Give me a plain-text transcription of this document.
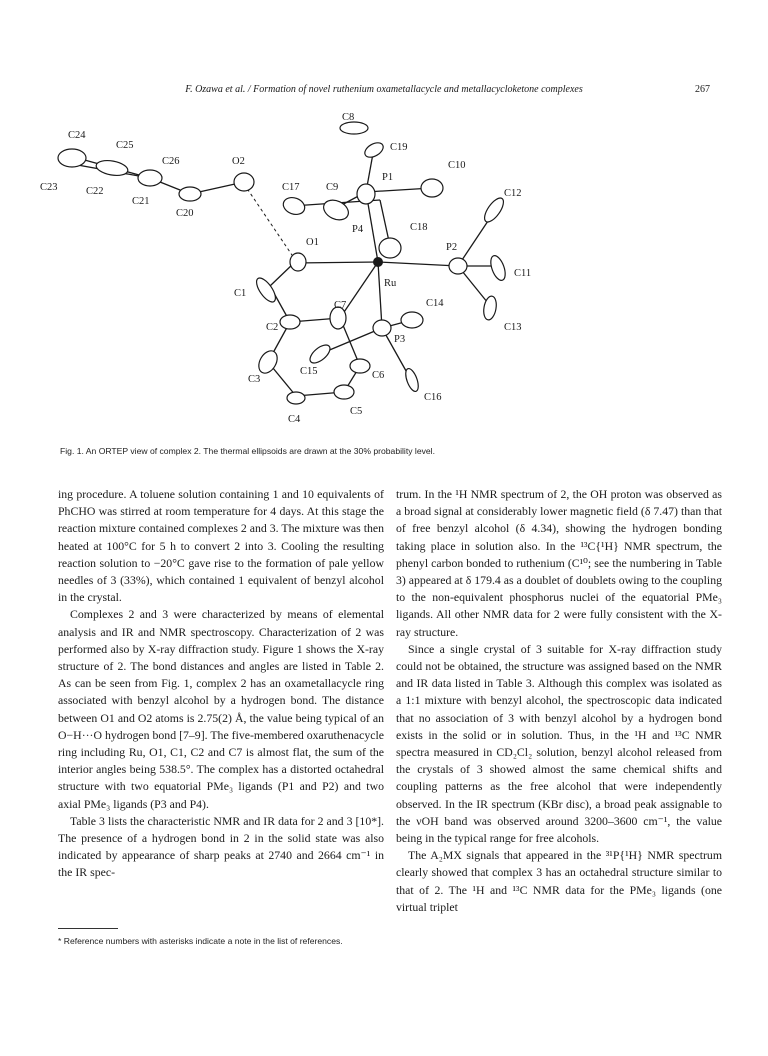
F. Ozawa et al. / Formation of novel ruthenium oxametallacycle and metallacycloketone complexes	267
C8
C24
C25	C19
C26	O2	C10
C23	C22
C21
C17	C9
P1
C12
C20
P4	C18
O1	P2
Ru
C11
C1
C7	C14
C2	C13
P3
C3
C15	C6
C16
C5
C4
Fig. 1. An ORTEP view of complex 2. The thermal ellipsoids are drawn at the 30% probability level.

ing procedure. A toluene solution containing 1 and 10 equivalents of PhCHO was stirred at room temperature for 4 days. At this stage the reaction mixture contained complexes 2 and 3. The mixture was then heated at 100°C for 5 h to convert 2 into 3. Cooling the resulting reaction solution to −20°C gave rise to the formation of pale yellow needles of 3 (33%), which contained 1 equivalent of benzyl alcohol in the crystal.

Complexes 2 and 3 were characterized by means of elemental analysis and IR and NMR spectroscopy. Characterization of 2 was performed also by X-ray diffraction study. Figure 1 shows the X-ray structure of 2. The bond distances and angles are listed in Table 2. As can be seen from Fig. 1, complex 2 has an oxametallacycle ring associated with benzyl alcohol by a hydrogen bond. The distance between O1 and O2 atoms is 2.75(2) Å, the value being typical of an O−H···O hydrogen bond [7–9]. The five-membered oxaruthenacycle ring including Ru, O1, C1, C2 and C7 is almost flat, the sum of the interior angles being 538.5°. The complex has a distorted octahedral structure with two equatorial PMe₃ ligands (P1 and P2) and two axial PMe₃ ligands (P3 and P4).

Table 3 lists the characteristic NMR and IR data for 2 and 3 [10*]. The presence of a hydrogen bond in 2 in the solid state was also indicated by appearance of sharp peaks at 2740 and 2664 cm⁻¹ in the IR spec-

trum. In the ¹H NMR spectrum of 2, the OH proton was observed as a broad signal at considerably lower magnetic field (δ 7.47) than that of free benzyl alcohol (δ 4.34), showing the hydrogen bonding taking place in solution also. In the ¹³C{¹H} NMR spectrum, the phenyl carbon bonded to ruthenium (C¹⁰; see the numbering in Table 3) appeared at δ 179.4 as a doublet of doublets owing to the coupling to the non-equivalent phosphorus nuclei of the equatorial PMe₃ ligands. All other NMR data for 2 were fully consistent with the X-ray structure.

Since a single crystal of 3 suitable for X-ray diffraction study could not be obtained, the structure was assigned based on the NMR and IR data listed in Table 3. Although this complex was isolated as a 1:1 mixture with benzyl alcohol, the spectroscopic data indicated that no association of 3 with benzyl alcohol by a hydrogen bond exists in the solid or in solution. Thus, in the ¹H and ¹³C NMR spectra measured in CD₂Cl₂ solution, benzyl alcohol released from the crystals of 3 showed almost the same chemical shifts and coupling patterns as the free alcohol that were independently observed. In the IR spectrum (KBr disc), a broad peak assignable to the νOH band was observed around 3200–3600 cm⁻¹, the value being in the typical range for free alcohols.

The A₂MX signals that appeared in the ³¹P{¹H} NMR spectrum clearly showed that complex 3 has an octahedral structure similar to that of 2. The ¹H and ¹³C NMR data for the PMe₃ ligands (one virtual triplet

* Reference numbers with asterisks indicate a note in the list of references.
